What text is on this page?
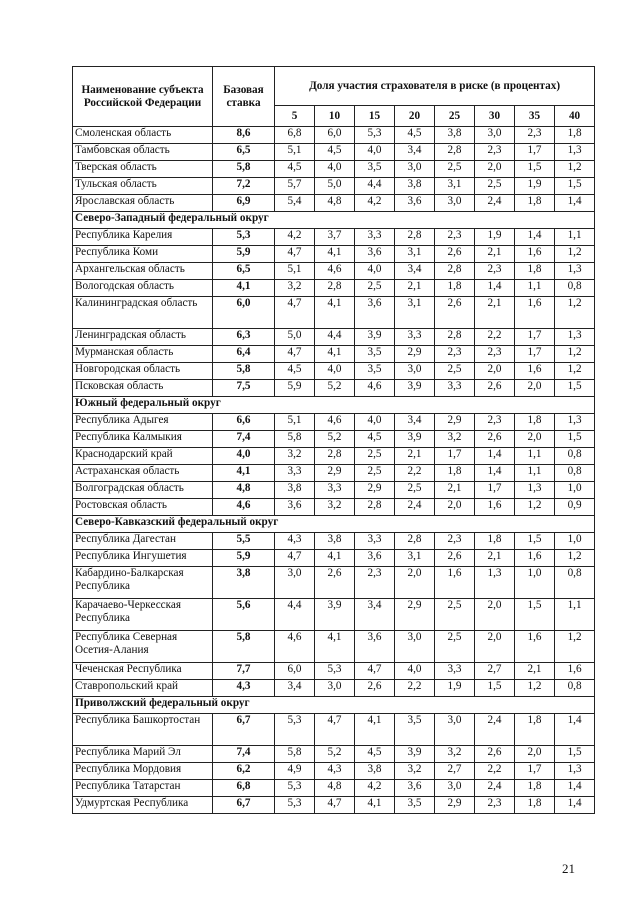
Наименование субъекта Российской Федерации	Базовая ставка	Доля участия страхователя в риске (в процентах)							
		5	10	15	20	25	30	35	40
Смоленская область	8,6	6,8	6,0	5,3	4,5	3,8	3,0	2,3	1,8
Тамбовская область	6,5	5,1	4,5	4,0	3,4	2,8	2,3	1,7	1,3
Тверская область	5,8	4,5	4,0	3,5	3,0	2,5	2,0	1,5	1,2
Тульская область	7,2	5,7	5,0	4,4	3,8	3,1	2,5	1,9	1,5
Ярославская область	6,9	5,4	4,8	4,2	3,6	3,0	2,4	1,8	1,4
Северо-Западный федеральный округ									
Республика Карелия	5,3	4,2	3,7	3,3	2,8	2,3	1,9	1,4	1,1
Республика Коми	5,9	4,7	4,1	3,6	3,1	2,6	2,1	1,6	1,2
Архангельская область	6,5	5,1	4,6	4,0	3,4	2,8	2,3	1,8	1,3
Вологодская область	4,1	3,2	2,8	2,5	2,1	1,8	1,4	1,1	0,8
Калининградская область	6,0	4,7	4,1	3,6	3,1	2,6	2,1	1,6	1,2
Ленинградская область	6,3	5,0	4,4	3,9	3,3	2,8	2,2	1,7	1,3
Мурманская область	6,4	4,7	4,1	3,5	2,9	2,3	2,3	1,7	1,2
Новгородская область	5,8	4,5	4,0	3,5	3,0	2,5	2,0	1,6	1,2
Псковская область	7,5	5,9	5,2	4,6	3,9	3,3	2,6	2,0	1,5
Южный федеральный округ									
Республика Адыгея	6,6	5,1	4,6	4,0	3,4	2,9	2,3	1,8	1,3
Республика Калмыкия	7,4	5,8	5,2	4,5	3,9	3,2	2,6	2,0	1,5
Краснодарский край	4,0	3,2	2,8	2,5	2,1	1,7	1,4	1,1	0,8
Астраханская область	4,1	3,3	2,9	2,5	2,2	1,8	1,4	1,1	0,8
Волгоградская область	4,8	3,8	3,3	2,9	2,5	2,1	1,7	1,3	1,0
Ростовская область	4,6	3,6	3,2	2,8	2,4	2,0	1,6	1,2	0,9
Северо-Кавказский федеральный округ									
Республика Дагестан	5,5	4,3	3,8	3,3	2,8	2,3	1,8	1,5	1,0
Республика Ингушетия	5,9	4,7	4,1	3,6	3,1	2,6	2,1	1,6	1,2
Кабардино-Балкарская Республика	3,8	3,0	2,6	2,3	2,0	1,6	1,3	1,0	0,8
Карачаево-Черкесская Республика	5,6	4,4	3,9	3,4	2,9	2,5	2,0	1,5	1,1
Республика Северная Осетия-Алания	5,8	4,6	4,1	3,6	3,0	2,5	2,0	1,6	1,2
Чеченская Республика	7,7	6,0	5,3	4,7	4,0	3,3	2,7	2,1	1,6
Ставропольский край	4,3	3,4	3,0	2,6	2,2	1,9	1,5	1,2	0,8
Приволжский федеральный округ									
Республика Башкортостан	6,7	5,3	4,7	4,1	3,5	3,0	2,4	1,8	1,4
Республика Марий Эл	7,4	5,8	5,2	4,5	3,9	3,2	2,6	2,0	1,5
Республика Мордовия	6,2	4,9	4,3	3,8	3,2	2,7	2,2	1,7	1,3
Республика Татарстан	6,8	5,3	4,8	4,2	3,6	3,0	2,4	1,8	1,4
Удмуртская Республика	6,7	5,3	4,7	4,1	3,5	2,9	2,3	1,8	1,4
21
